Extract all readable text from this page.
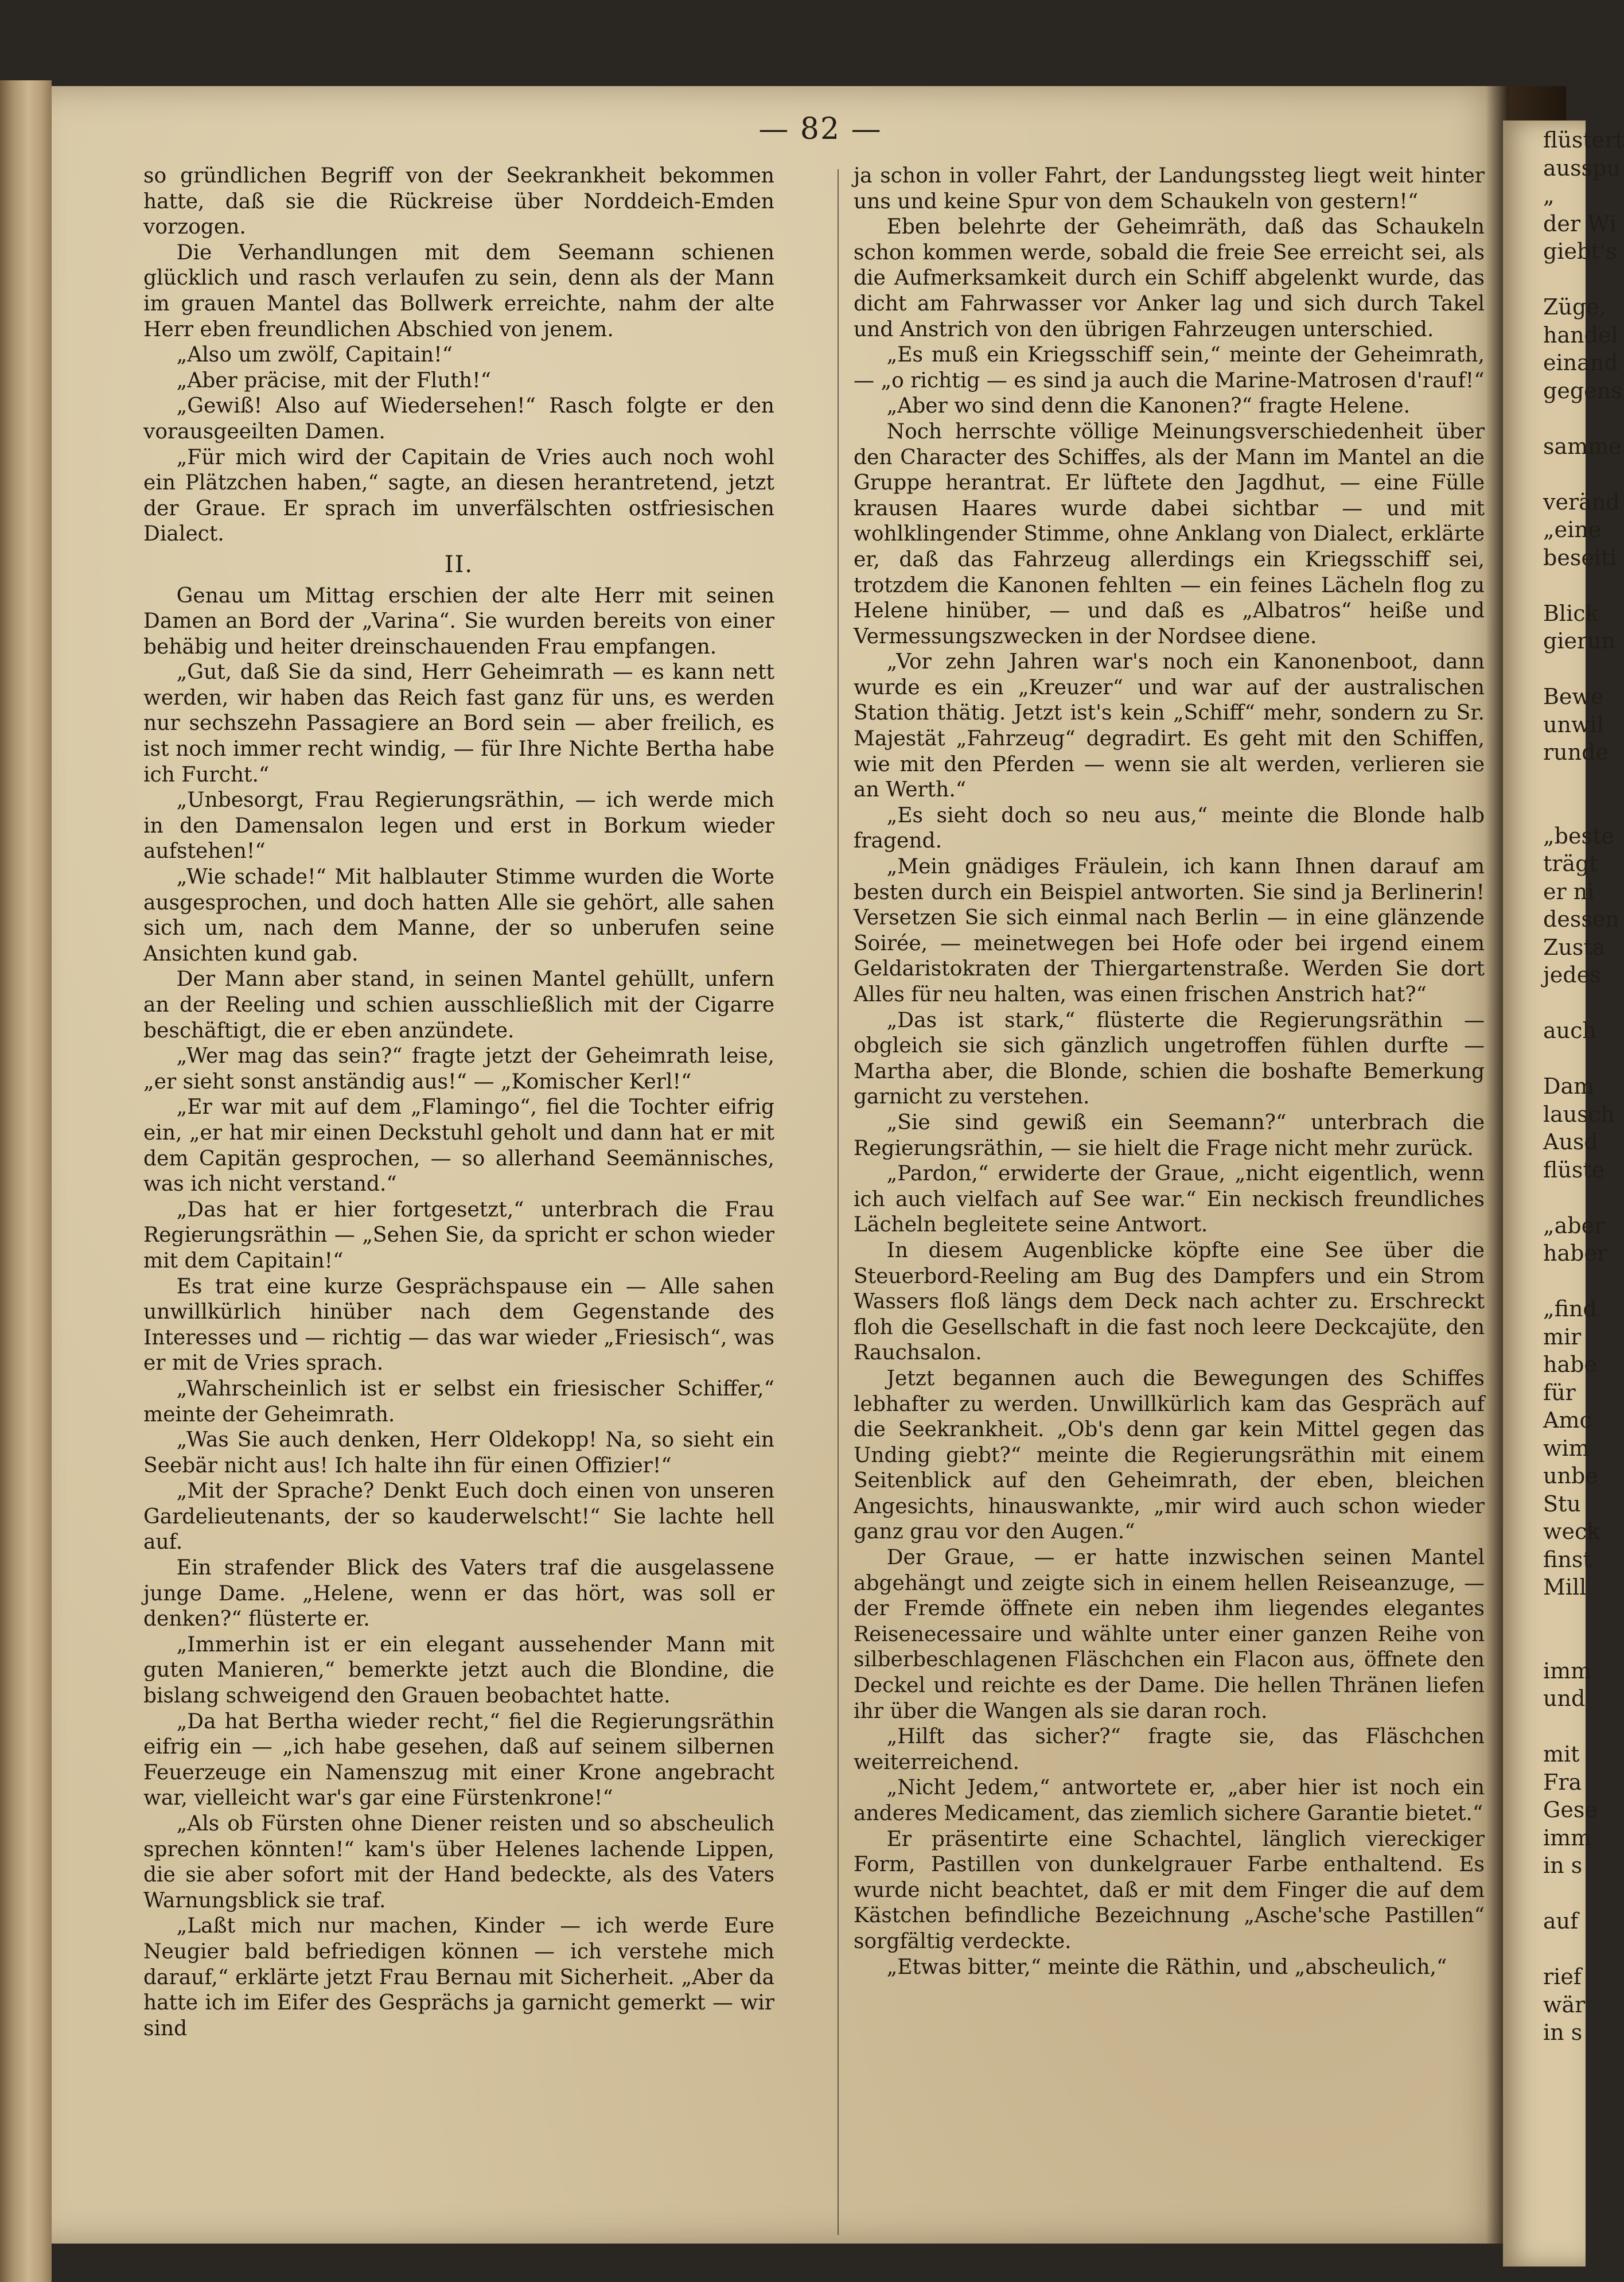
flüstert
ausspu
„
der Wi
giebt's
Züge,
handel
einand
gegens
samme
veränd
„eine
beseiti
Blick
gierun
Bewe
unwil
runde
„beste
trägt
er ni
dessen
Zusta
jedes
auch
Dam
lausch
Ausd
flüste
„aber
haber
„find
mir
habe
für
Amc
wim
unbe
Stu
weck
finst
Mill
imm
und
mit
Fra
Gese
imm
in s
auf
rief
wär
in s
— 82 —

so gründlichen Begriff von der Seekrankheit bekommen hatte, daß sie die Rückreise über Norddeich-Emden vorzogen.

Die Verhandlungen mit dem Seemann schienen glücklich und rasch verlaufen zu sein, denn als der Mann im grauen Mantel das Bollwerk erreichte, nahm der alte Herr eben freundlichen Abschied von jenem.

„Also um zwölf, Capitain!“

„Aber präcise, mit der Fluth!“

„Gewiß! Also auf Wiedersehen!“ Rasch folgte er den vorausgeeilten Damen.

„Für mich wird der Capitain de Vries auch noch wohl ein Plätzchen haben,“ sagte, an diesen herantretend, jetzt der Graue. Er sprach im unverfälschten ostfriesischen Dialect.

II.

Genau um Mittag erschien der alte Herr mit seinen Damen an Bord der „Varina“. Sie wurden bereits von einer behäbig und heiter dreinschauenden Frau empfangen.

„Gut, daß Sie da sind, Herr Geheimrath — es kann nett werden, wir haben das Reich fast ganz für uns, es werden nur sechszehn Passagiere an Bord sein — aber freilich, es ist noch immer recht windig, — für Ihre Nichte Bertha habe ich Furcht.“

„Unbesorgt, Frau Regierungsräthin, — ich werde mich in den Damensalon legen und erst in Borkum wieder aufstehen!“

„Wie schade!“ Mit halblauter Stimme wurden die Worte ausgesprochen, und doch hatten Alle sie gehört, alle sahen sich um, nach dem Manne, der so unberufen seine Ansichten kund gab.

Der Mann aber stand, in seinen Mantel gehüllt, unfern an der Reeling und schien ausschließlich mit der Cigarre beschäftigt, die er eben anzündete.

„Wer mag das sein?“ fragte jetzt der Geheimrath leise, „er sieht sonst anständig aus!“ — „Komischer Kerl!“

„Er war mit auf dem „Flamingo“, fiel die Tochter eifrig ein, „er hat mir einen Deckstuhl geholt und dann hat er mit dem Capitän gesprochen, — so allerhand Seemännisches, was ich nicht verstand.“

„Das hat er hier fortgesetzt,“ unterbrach die Frau Regierungsräthin — „Sehen Sie, da spricht er schon wieder mit dem Capitain!“

Es trat eine kurze Gesprächspause ein — Alle sahen unwillkürlich hinüber nach dem Gegenstande des Interesses und — richtig — das war wieder „Friesisch“, was er mit de Vries sprach.

„Wahrscheinlich ist er selbst ein friesischer Schiffer,“ meinte der Geheimrath.

„Was Sie auch denken, Herr Oldekopp! Na, so sieht ein Seebär nicht aus! Ich halte ihn für einen Offizier!“

„Mit der Sprache? Denkt Euch doch einen von unseren Gardelieutenants, der so kauderwelscht!“ Sie lachte hell auf.

Ein strafender Blick des Vaters traf die ausgelassene junge Dame. „Helene, wenn er das hört, was soll er denken?“ flüsterte er.

„Immerhin ist er ein elegant aussehender Mann mit guten Manieren,“ bemerkte jetzt auch die Blondine, die bislang schweigend den Grauen beobachtet hatte.

„Da hat Bertha wieder recht,“ fiel die Regierungsräthin eifrig ein — „ich habe gesehen, daß auf seinem silbernen Feuerzeuge ein Namenszug mit einer Krone angebracht war, vielleicht war's gar eine Fürstenkrone!“

„Als ob Fürsten ohne Diener reisten und so abscheulich sprechen könnten!“ kam's über Helenes lachende Lippen, die sie aber sofort mit der Hand bedeckte, als des Vaters Warnungsblick sie traf.

„Laßt mich nur machen, Kinder — ich werde Eure Neugier bald befriedigen können — ich verstehe mich darauf,“ erklärte jetzt Frau Bernau mit Sicherheit. „Aber da hatte ich im Eifer des Gesprächs ja garnicht gemerkt — wir sind

ja schon in voller Fahrt, der Landungssteg liegt weit hinter uns und keine Spur von dem Schaukeln von gestern!“

Eben belehrte der Geheimräth, daß das Schaukeln schon kommen werde, sobald die freie See erreicht sei, als die Aufmerksamkeit durch ein Schiff abgelenkt wurde, das dicht am Fahrwasser vor Anker lag und sich durch Takel und Anstrich von den übrigen Fahrzeugen unterschied.

„Es muß ein Kriegsschiff sein,“ meinte der Geheimrath, — „o richtig — es sind ja auch die Marine-Matrosen d'rauf!“

„Aber wo sind denn die Kanonen?“ fragte Helene.

Noch herrschte völlige Meinungsverschiedenheit über den Character des Schiffes, als der Mann im Mantel an die Gruppe herantrat. Er lüftete den Jagdhut, — eine Fülle krausen Haares wurde dabei sichtbar — und mit wohlklingender Stimme, ohne Anklang von Dialect, erklärte er, daß das Fahrzeug allerdings ein Kriegsschiff sei, trotzdem die Kanonen fehlten — ein feines Lächeln flog zu Helene hinüber, — und daß es „Albatros“ heiße und Vermessungszwecken in der Nordsee diene.

„Vor zehn Jahren war's noch ein Kanonenboot, dann wurde es ein „Kreuzer“ und war auf der australischen Station thätig. Jetzt ist's kein „Schiff“ mehr, sondern zu Sr. Majestät „Fahrzeug“ degradirt. Es geht mit den Schiffen, wie mit den Pferden — wenn sie alt werden, verlieren sie an Werth.“

„Es sieht doch so neu aus,“ meinte die Blonde halb fragend.

„Mein gnädiges Fräulein, ich kann Ihnen darauf am besten durch ein Beispiel antworten. Sie sind ja Berlinerin! Versetzen Sie sich einmal nach Berlin — in eine glänzende Soirée, — meinetwegen bei Hofe oder bei irgend einem Geldaristokraten der Thiergartenstraße. Werden Sie dort Alles für neu halten, was einen frischen Anstrich hat?“

„Das ist stark,“ flüsterte die Regierungsräthin — obgleich sie sich gänzlich ungetroffen fühlen durfte — Martha aber, die Blonde, schien die boshafte Bemerkung garnicht zu verstehen.

„Sie sind gewiß ein Seemann?“ unterbrach die Regierungsräthin, — sie hielt die Frage nicht mehr zurück.

„Pardon,“ erwiderte der Graue, „nicht eigentlich, wenn ich auch vielfach auf See war.“ Ein neckisch freundliches Lächeln begleitete seine Antwort.

In diesem Augenblicke köpfte eine See über die Steuerbord-Reeling am Bug des Dampfers und ein Strom Wassers floß längs dem Deck nach achter zu. Erschreckt floh die Gesellschaft in die fast noch leere Deckcajüte, den Rauchsalon.

Jetzt begannen auch die Bewegungen des Schiffes lebhafter zu werden. Unwillkürlich kam das Gespräch auf die Seekrankheit. „Ob's denn gar kein Mittel gegen das Unding giebt?“ meinte die Regierungsräthin mit einem Seitenblick auf den Geheimrath, der eben, bleichen Angesichts, hinauswankte, „mir wird auch schon wieder ganz grau vor den Augen.“

Der Graue, — er hatte inzwischen seinen Mantel abgehängt und zeigte sich in einem hellen Reiseanzuge, — der Fremde öffnete ein neben ihm liegendes elegantes Reisenecessaire und wählte unter einer ganzen Reihe von silberbeschlagenen Fläschchen ein Flacon aus, öffnete den Deckel und reichte es der Dame. Die hellen Thränen liefen ihr über die Wangen als sie daran roch.

„Hilft das sicher?“ fragte sie, das Fläschchen weiterreichend.

„Nicht Jedem,“ antwortete er, „aber hier ist noch ein anderes Medicament, das ziemlich sichere Garantie bietet.“

Er präsentirte eine Schachtel, länglich viereckiger Form, Pastillen von dunkelgrauer Farbe enthaltend. Es wurde nicht beachtet, daß er mit dem Finger die auf dem Kästchen befindliche Bezeichnung „Asche'sche Pastillen“ sorgfältig verdeckte.

„Etwas bitter,“ meinte die Räthin, und „abscheulich,“
